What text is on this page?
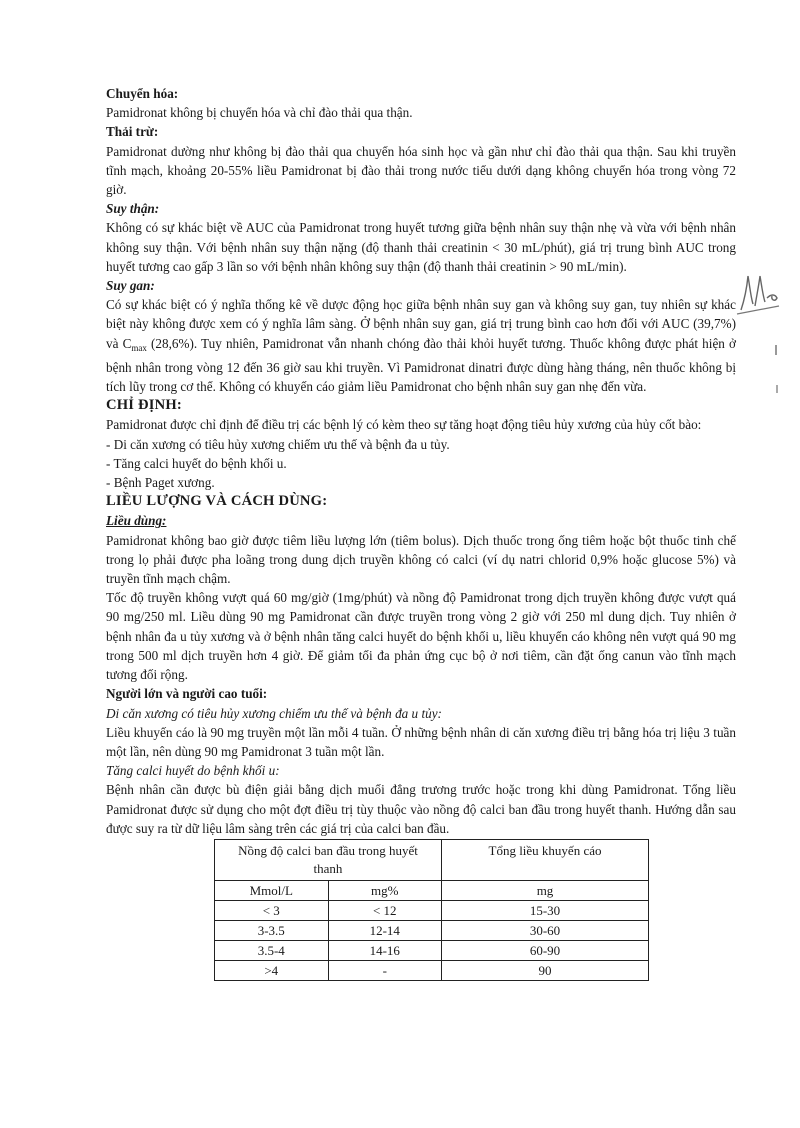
Chuyển hóa:

Pamidronat không bị chuyển hóa và chỉ đào thải qua thận.

Thải trừ:

Pamidronat dường như không bị đào thải qua chuyển hóa sinh học và gần như chỉ đào thải qua thận. Sau khi truyền tĩnh mạch, khoảng 20-55% liều Pamidronat bị đào thải trong nước tiểu dưới dạng không chuyển hóa trong vòng 72 giờ.

Suy thận:

Không có sự khác biệt về AUC của Pamidronat trong huyết tương giữa bệnh nhân suy thận nhẹ và vừa với bệnh nhân không suy thận. Với bệnh nhân suy thận nặng (độ thanh thải creatinin < 30 mL/phút), giá trị trung bình AUC trong huyết tương cao gấp 3 lần so với bệnh nhân không suy thận (độ thanh thải creatinin > 90 mL/min).

Suy gan:

Có sự khác biệt có ý nghĩa thống kê về dược động học giữa bệnh nhân suy gan và không suy gan, tuy nhiên sự khác biệt này không được xem có ý nghĩa lâm sàng. Ở bệnh nhân suy gan, giá trị trung bình cao hơn đối với AUC (39,7%) và $C_{max}$ (28,6%). Tuy nhiên, Pamidronat vẫn nhanh chóng đào thải khỏi huyết tương. Thuốc không được phát hiện ở bệnh nhân trong vòng 12 đến 36 giờ sau khi truyền. Vì Pamidronat dinatri được dùng hàng tháng, nên thuốc không bị tích lũy trong cơ thể. Không có khuyến cáo giảm liều Pamidronat cho bệnh nhân suy gan nhẹ đến vừa.

CHỈ ĐỊNH:

Pamidronat được chỉ định để điều trị các bệnh lý có kèm theo sự tăng hoạt động tiêu hủy xương của hủy cốt bào:

- Di căn xương có tiêu hủy xương chiếm ưu thế và bệnh đa u tủy.
- Tăng calci huyết do bệnh khối u.
- Bệnh Paget xương.
LIỀU LƯỢNG VÀ CÁCH DÙNG:
Liều dùng:

Pamidronat không bao giờ được tiêm liều lượng lớn (tiêm bolus). Dịch thuốc trong ống tiêm hoặc bột thuốc tinh chế trong lọ phải được pha loãng trong dung dịch truyền không có calci (ví dụ natri chlorid 0,9% hoặc glucose 5%) và truyền tĩnh mạch chậm.

Tốc độ truyền không vượt quá 60 mg/giờ (1mg/phút) và nồng độ Pamidronat trong dịch truyền không được vượt quá 90 mg/250 ml. Liều dùng 90 mg Pamidronat cần được truyền trong vòng 2 giờ với 250 ml dung dịch. Tuy nhiên ở bệnh nhân đa u tủy xương và ở bệnh nhân tăng calci huyết do bệnh khối u, liều khuyến cáo không nên vượt quá 90 mg trong 500 ml dịch truyền hơn 4 giờ. Để giảm tối đa phản ứng cục bộ ở nơi tiêm, cần đặt ống canun vào tĩnh mạch tương đối rộng.

Người lớn và người cao tuổi:
Di căn xương có tiêu hủy xương chiếm ưu thế và bệnh đa u tủy:

Liều khuyến cáo là 90 mg truyền một lần mỗi 4 tuần. Ở những bệnh nhân di căn xương điều trị bằng hóa trị liệu 3 tuần một lần, nên dùng 90 mg Pamidronat 3 tuần một lần.

Tăng calci huyết do bệnh khối u:

Bệnh nhân cần được bù điện giải bằng dịch muối đẳng trương trước hoặc trong khi dùng Pamidronat. Tổng liều Pamidronat được sử dụng cho một đợt điều trị tùy thuộc vào nồng độ calci ban đầu trong huyết thanh. Hướng dẫn sau được suy ra từ dữ liệu lâm sàng trên các giá trị của calci ban đầu.

Nồng độ calci ban đầu trong huyết thanh		Tổng liều khuyến cáo
Mmol/L	mg%	mg
< 3	< 12	15-30
3-3.5	12-14	30-60
3.5-4	14-16	60-90
>4	-	90
